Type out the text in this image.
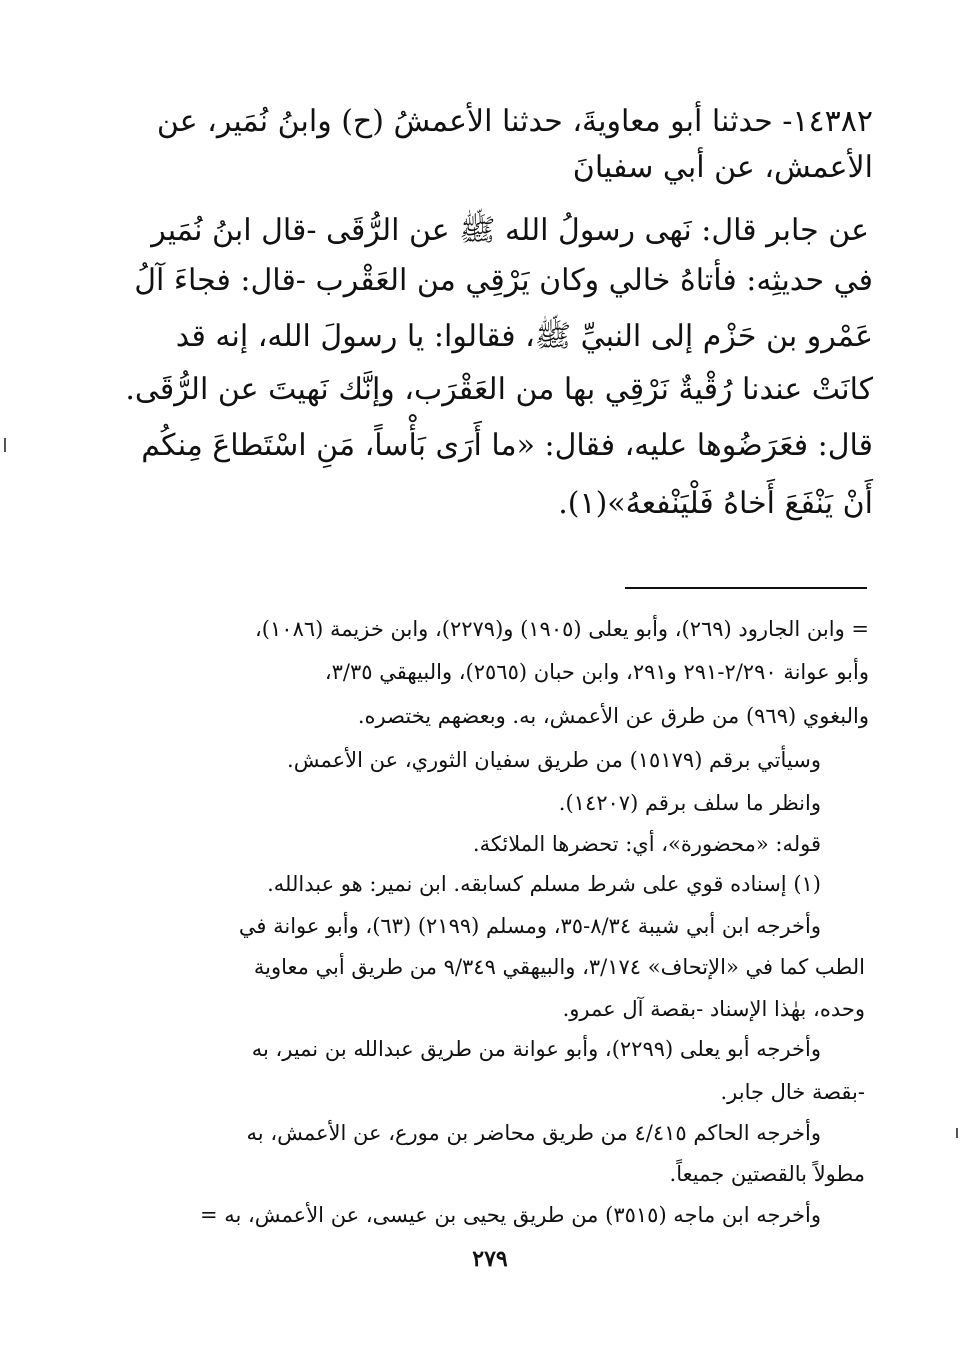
١٤٣٨٢- حدثنا أبو معاويةَ، حدثنا الأعمشُ (ح) وابنُ نُمَير، عن
الأعمش، عن أبي سفيانَ
عن جابر قال: نَهى رسولُ الله ﷺ عن الرُّقَى -قال ابنُ نُمَير
في حديثِه: فأتاهُ خالي وكان يَرْقِي من العَقْرب -قال: فجاءَ آلُ
عَمْرو بن حَزْم إلى النبيِّ ﷺ، فقالوا: يا رسولَ الله، إنه قد
كانَتْ عندنا رُقْيةٌ نَرْقِي بها من العَقْرَب، وإنَّك نَهيتَ عن الرُّقَى.
قال: فعَرَضُوها عليه، فقال: «ما أَرَى بَأْساً، مَنِ اسْتَطاعَ مِنكُم
أَنْ يَنْفَعَ أَخاهُ فَلْيَنْفعهُ»(١).
= وابن الجارود (٢٦٩)، وأبو يعلى (١٩٠٥) و(٢٢٧٩)، وابن خزيمة (١٠٨٦)،
وأبو عوانة ٢/٢٩٠-٢٩١ و٢٩١، وابن حبان (٢٥٦٥)، والبيهقي ٣/٣٥،
والبغوي (٩٦٩) من طرق عن الأعمش، به. وبعضهم يختصره.
وسيأتي برقم (١٥١٧٩) من طريق سفيان الثوري، عن الأعمش.
وانظر ما سلف برقم (١٤٢٠٧).
قوله: «محضورة»، أي: تحضرها الملائكة.
(١) إسناده قوي على شرط مسلم كسابقه. ابن نمير: هو عبدالله.
وأخرجه ابن أبي شيبة ٨/٣٤-٣٥، ومسلم (٢١٩٩) (٦٣)، وأبو عوانة في
الطب كما في «الإتحاف» ٣/١٧٤، والبيهقي ٩/٣٤٩ من طريق أبي معاوية
وحده، بهٰذا الإسناد -بقصة آل عمرو.
وأخرجه أبو يعلى (٢٢٩٩)، وأبو عوانة من طريق عبدالله بن نمير، به
-بقصة خال جابر.
وأخرجه الحاكم ٤/٤١٥ من طريق محاضر بن مورع، عن الأعمش، به
مطولاً بالقصتين جميعاً.
وأخرجه ابن ماجه (٣٥١٥) من طريق يحيى بن عيسى، عن الأعمش، به =
٢٧٩
